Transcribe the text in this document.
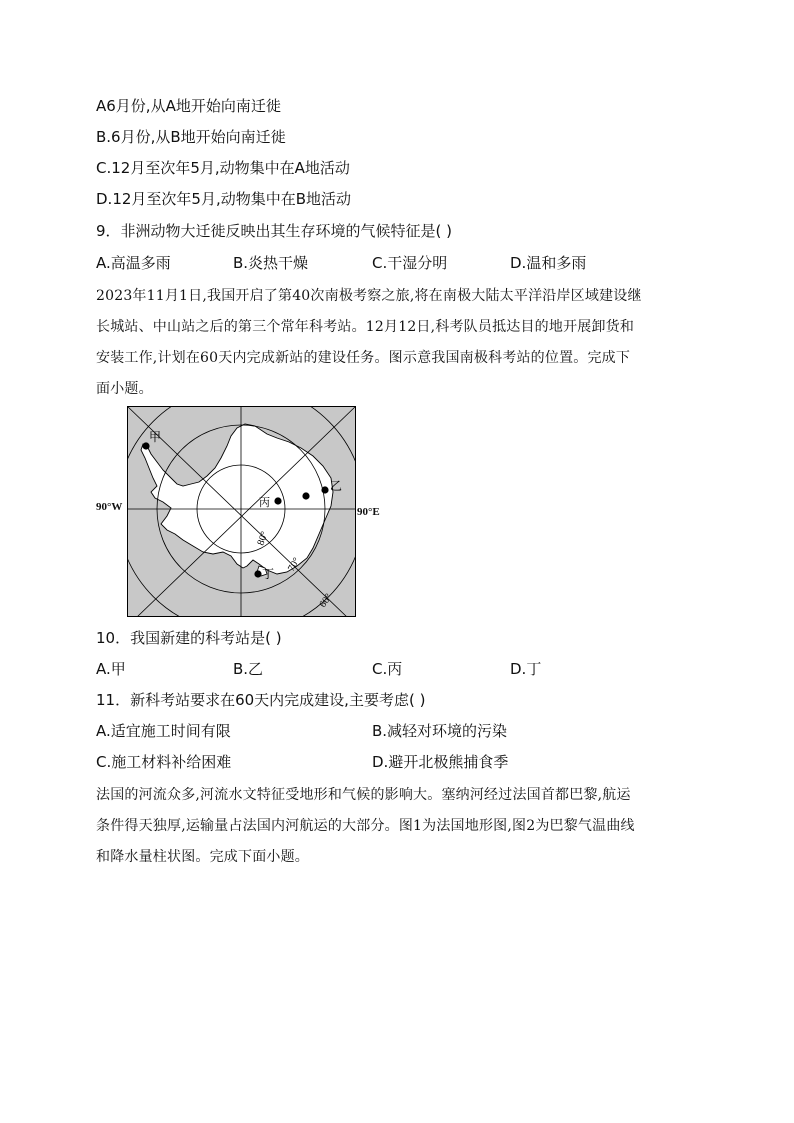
A6月份,从A地开始向南迁徙
B.6月份,从B地开始向南迁徙
C.12月至次年5月,动物集中在A地活动
D.12月至次年5月,动物集中在B地活动
9．非洲动物大迁徙反映出其生存环境的气候特征是( )
A.高温多雨	B.炎热干燥	C.干湿分明	D.温和多雨
2023年11月1日,我国开启了第40次南极考察之旅,将在南极大陆太平洋沿岸区域建设继
长城站、中山站之后的第三个常年科考站。12月12日,科考队员抵达目的地开展卸货和
安装工作,计划在60天内完成新站的建设任务。图示意我国南极科考站的位置。完成下
面小题。
90°W	90°E
甲
乙
丙
丁
80°
70°
60°
10．我国新建的科考站是( )
A.甲	B.乙	C.丙	D.丁
11．新科考站要求在60天内完成建设,主要考虑( )
A.适宜施工时间有限	B.减轻对环境的污染
C.施工材料补给困难	D.避开北极熊捕食季
法国的河流众多,河流水文特征受地形和气候的影响大。塞纳河经过法国首都巴黎,航运
条件得天独厚,运输量占法国内河航运的大部分。图1为法国地形图,图2为巴黎气温曲线
和降水量柱状图。完成下面小题。
